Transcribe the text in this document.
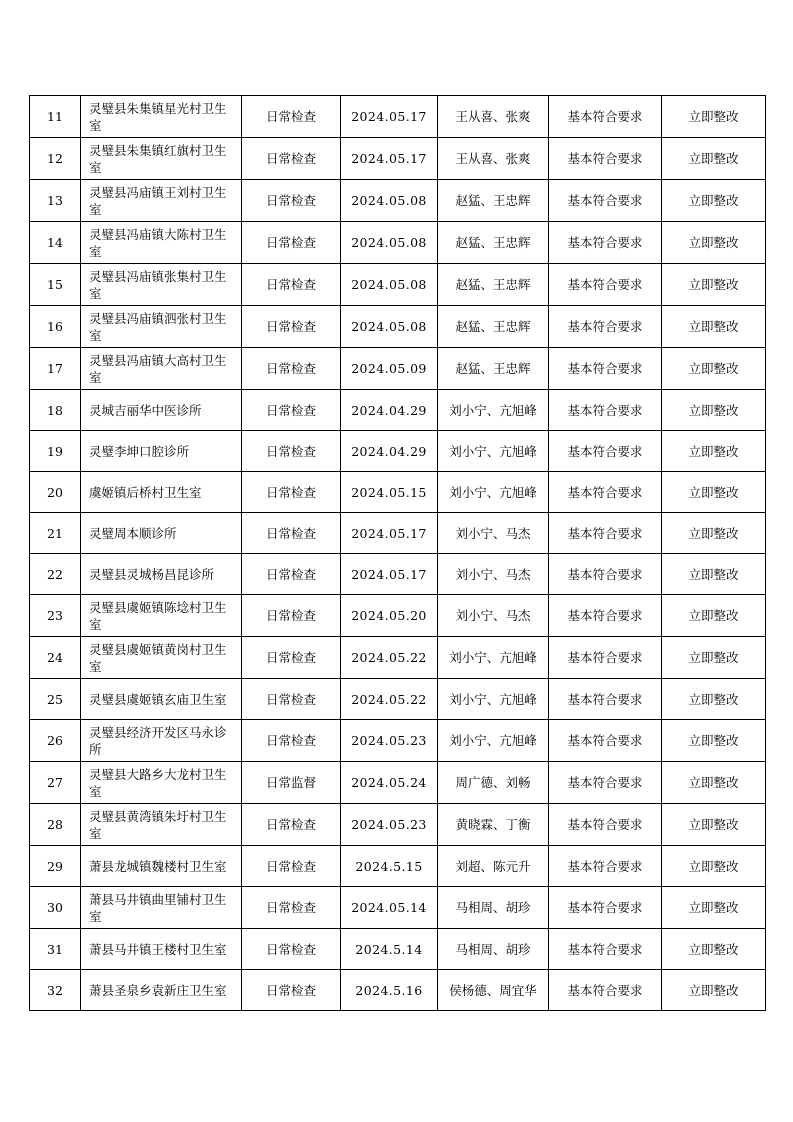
11	灵璧县朱集镇星光村卫生室	日常检查	2024.05.17	王从喜、张爽	基本符合要求	立即整改
12	灵璧县朱集镇红旗村卫生室	日常检查	2024.05.17	王从喜、张爽	基本符合要求	立即整改
13	灵璧县冯庙镇王刘村卫生室	日常检查	2024.05.08	赵猛、王忠辉	基本符合要求	立即整改
14	灵璧县冯庙镇大陈村卫生室	日常检查	2024.05.08	赵猛、王忠辉	基本符合要求	立即整改
15	灵璧县冯庙镇张集村卫生室	日常检查	2024.05.08	赵猛、王忠辉	基本符合要求	立即整改
16	灵璧县冯庙镇泗张村卫生室	日常检查	2024.05.08	赵猛、王忠辉	基本符合要求	立即整改
17	灵璧县冯庙镇大高村卫生室	日常检查	2024.05.09	赵猛、王忠辉	基本符合要求	立即整改
18	灵城吉丽华中医诊所	日常检查	2024.04.29	刘小宁、亢旭峰	基本符合要求	立即整改
19	灵璧李坤口腔诊所	日常检查	2024.04.29	刘小宁、亢旭峰	基本符合要求	立即整改
20	虞姬镇后桥村卫生室	日常检查	2024.05.15	刘小宁、亢旭峰	基本符合要求	立即整改
21	灵璧周本顺诊所	日常检查	2024.05.17	刘小宁、马杰	基本符合要求	立即整改
22	灵璧县灵城杨昌昆诊所	日常检查	2024.05.17	刘小宁、马杰	基本符合要求	立即整改
23	灵璧县虞姬镇陈埝村卫生室	日常检查	2024.05.20	刘小宁、马杰	基本符合要求	立即整改
24	灵璧县虞姬镇黄岗村卫生室	日常检查	2024.05.22	刘小宁、亢旭峰	基本符合要求	立即整改
25	灵璧县虞姬镇玄庙卫生室	日常检查	2024.05.22	刘小宁、亢旭峰	基本符合要求	立即整改
26	灵璧县经济开发区马永诊所	日常检查	2024.05.23	刘小宁、亢旭峰	基本符合要求	立即整改
27	灵璧县大路乡大龙村卫生室	日常监督	2024.05.24	周广德、刘畅	基本符合要求	立即整改
28	灵璧县黄湾镇朱圩村卫生室	日常检查	2024.05.23	黄晓霖、丁衡	基本符合要求	立即整改
29	萧县龙城镇魏楼村卫生室	日常检查	2024.5.15	刘超、陈元升	基本符合要求	立即整改
30	萧县马井镇曲里铺村卫生室	日常检查	2024.05.14	马相周、胡珍	基本符合要求	立即整改
31	萧县马井镇王楼村卫生室	日常检查	2024.5.14	马相周、胡珍	基本符合要求	立即整改
32	萧县圣泉乡袁新庄卫生室	日常检查	2024.5.16	侯杨德、周宜华	基本符合要求	立即整改
